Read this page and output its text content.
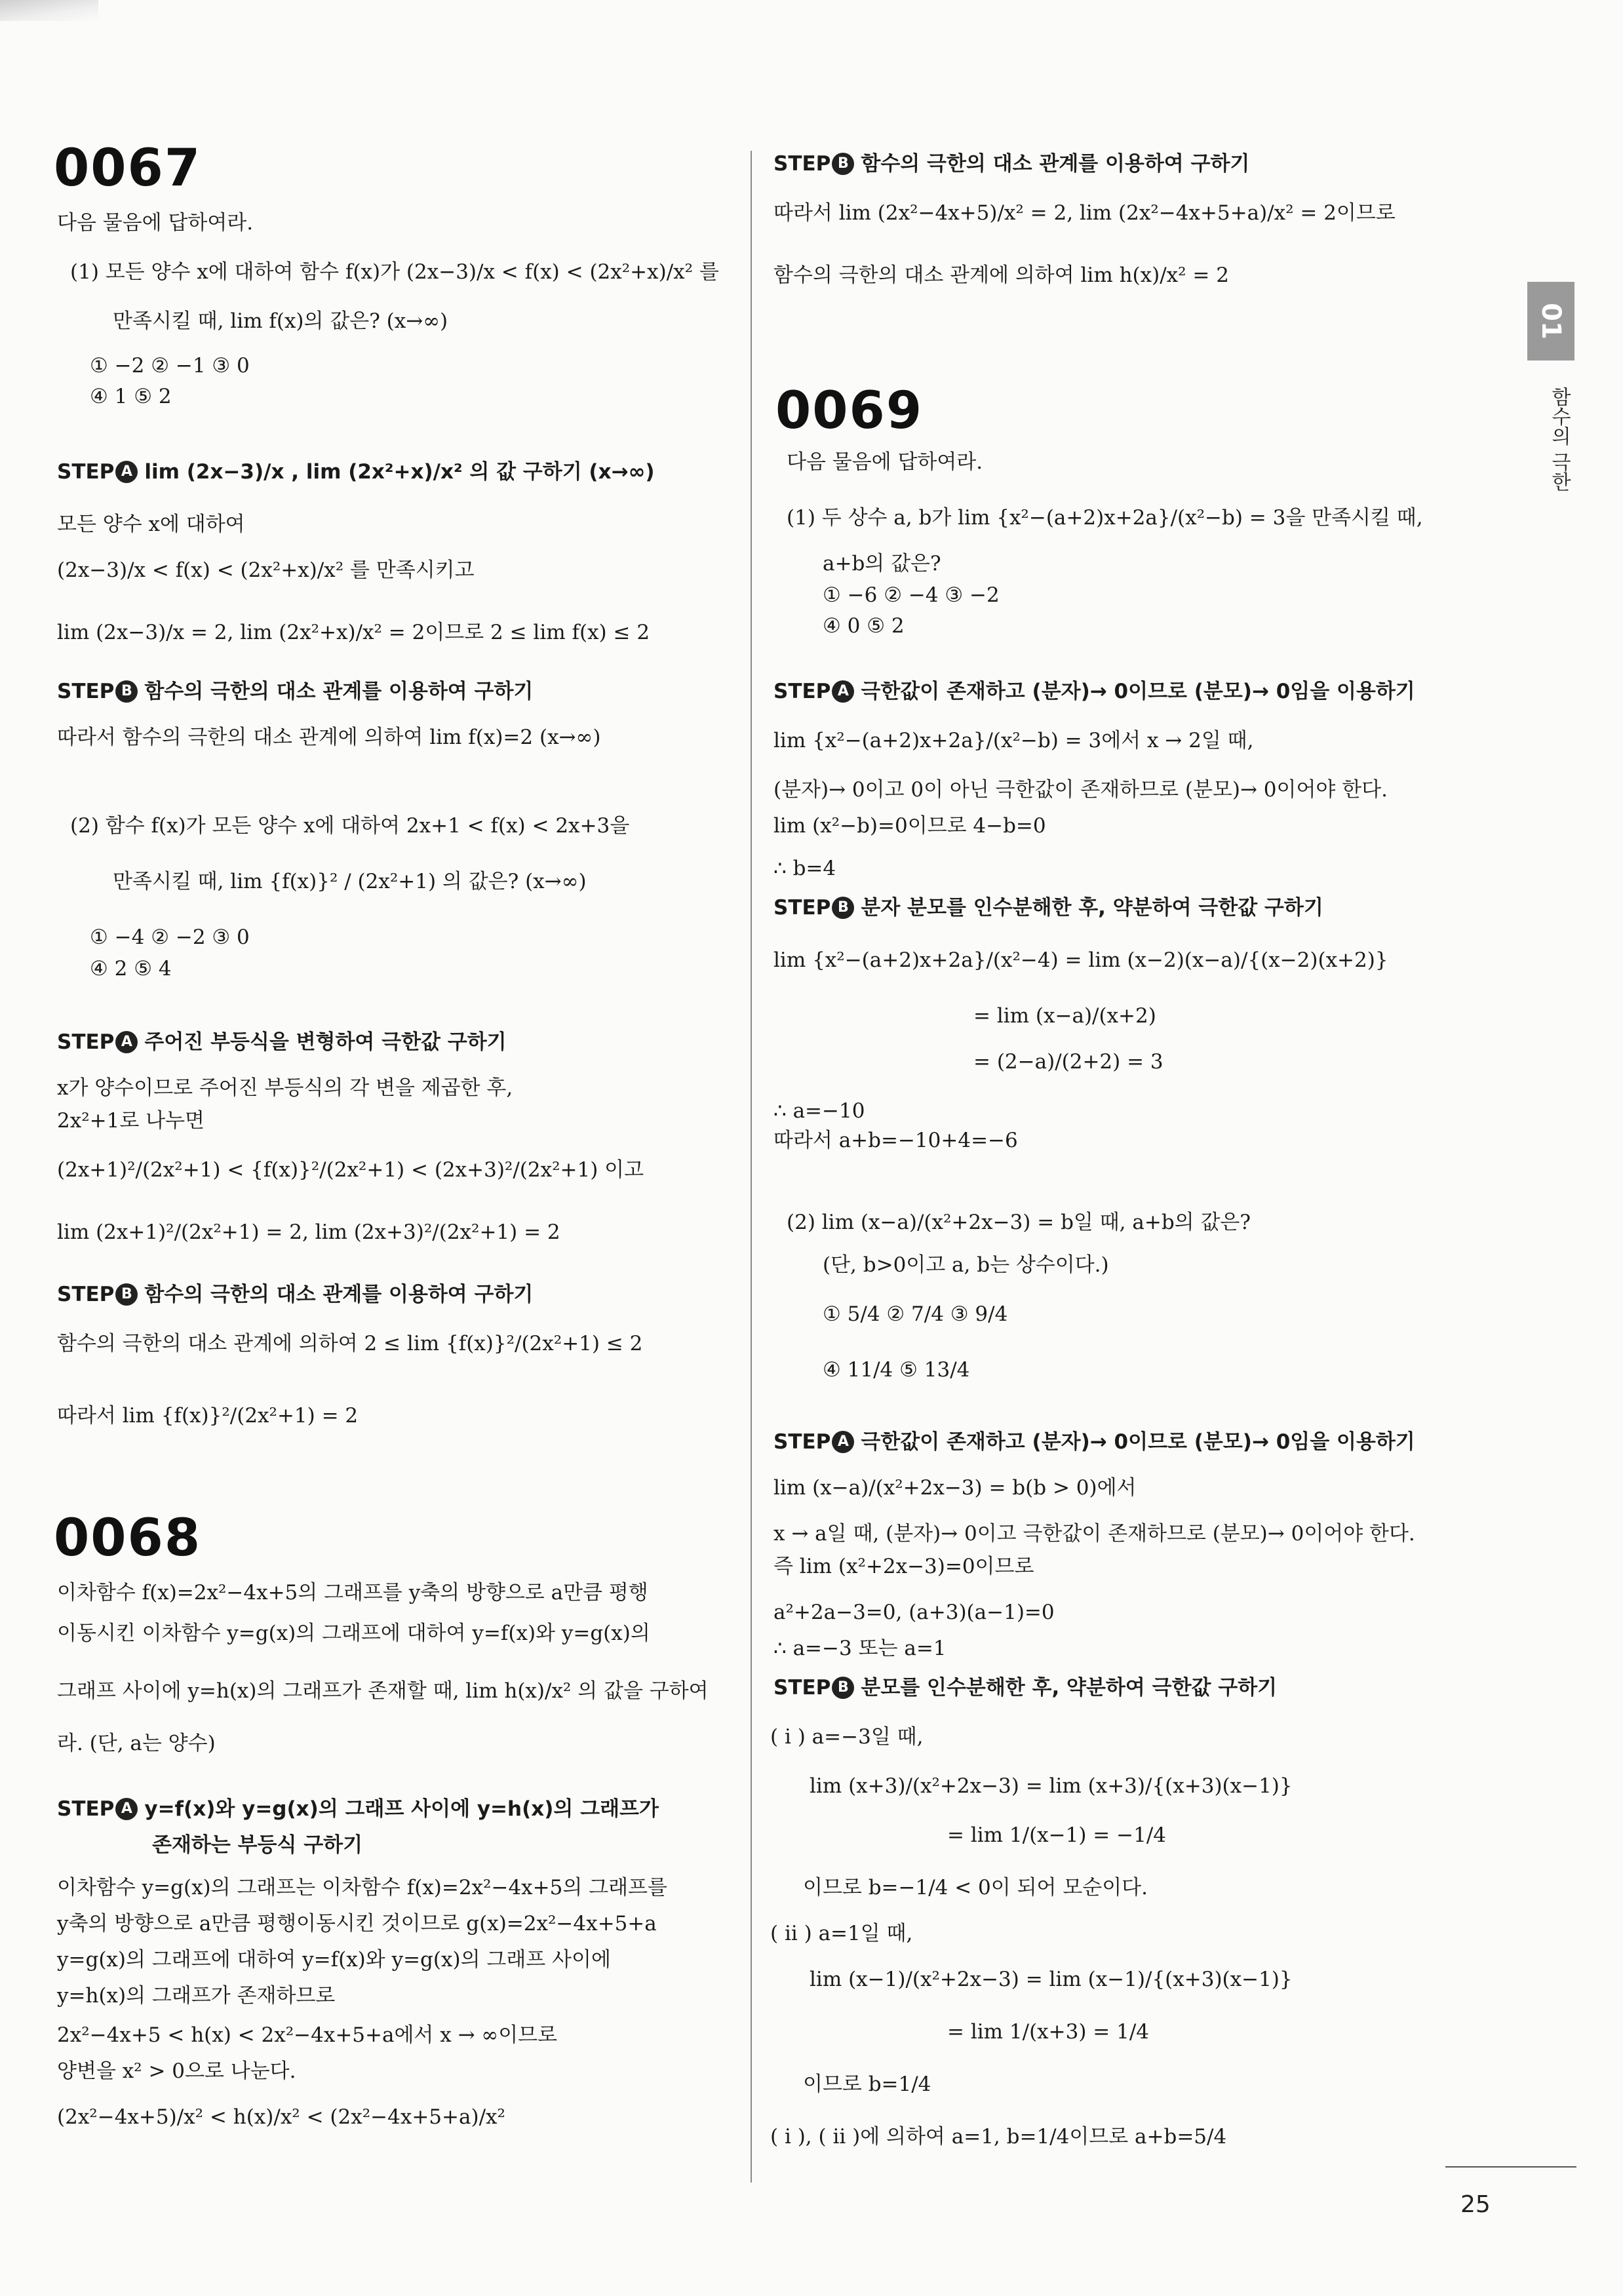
01
함수의 극한
0067
다음 물음에 답하여라.
(1) 모든 양수 x에 대하여 함수 f(x)가 (2x−3)/x < f(x) < (2x²+x)/x² 를
만족시킬 때, lim f(x)의 값은? (x→∞)
① −2 ② −1 ③ 0
④ 1 ⑤ 2
STEP A lim (2x−3)/x , lim (2x²+x)/x² 의 값 구하기 (x→∞)
모든 양수 x에 대하여
(2x−3)/x < f(x) < (2x²+x)/x² 를 만족시키고
lim (2x−3)/x = 2, lim (2x²+x)/x² = 2이므로 2 ≤ lim f(x) ≤ 2
STEP B 함수의 극한의 대소 관계를 이용하여 구하기
따라서 함수의 극한의 대소 관계에 의하여 lim f(x)=2 (x→∞)
(2) 함수 f(x)가 모든 양수 x에 대하여 2x+1 < f(x) < 2x+3을
만족시킬 때, lim {f(x)}² / (2x²+1) 의 값은? (x→∞)
① −4 ② −2 ③ 0
④ 2 ⑤ 4
STEP A 주어진 부등식을 변형하여 극한값 구하기
x가 양수이므로 주어진 부등식의 각 변을 제곱한 후,
2x²+1로 나누면
(2x+1)²/(2x²+1) < {f(x)}²/(2x²+1) < (2x+3)²/(2x²+1) 이고
lim (2x+1)²/(2x²+1) = 2, lim (2x+3)²/(2x²+1) = 2
STEP B 함수의 극한의 대소 관계를 이용하여 구하기
함수의 극한의 대소 관계에 의하여 2 ≤ lim {f(x)}²/(2x²+1) ≤ 2
따라서 lim {f(x)}²/(2x²+1) = 2
0068
이차함수 f(x)=2x²−4x+5의 그래프를 y축의 방향으로 a만큼 평행
이동시킨 이차함수 y=g(x)의 그래프에 대하여 y=f(x)와 y=g(x)의
그래프 사이에 y=h(x)의 그래프가 존재할 때, lim h(x)/x² 의 값을 구하여
라. (단, a는 양수)
STEP A y=f(x)와 y=g(x)의 그래프 사이에 y=h(x)의 그래프가
존재하는 부등식 구하기
이차함수 y=g(x)의 그래프는 이차함수 f(x)=2x²−4x+5의 그래프를
y축의 방향으로 a만큼 평행이동시킨 것이므로 g(x)=2x²−4x+5+a
y=g(x)의 그래프에 대하여 y=f(x)와 y=g(x)의 그래프 사이에
y=h(x)의 그래프가 존재하므로
2x²−4x+5 < h(x) < 2x²−4x+5+a에서 x → ∞이므로
양변을 x² > 0으로 나눈다.
(2x²−4x+5)/x² < h(x)/x² < (2x²−4x+5+a)/x²
STEP B 함수의 극한의 대소 관계를 이용하여 구하기
따라서 lim (2x²−4x+5)/x² = 2, lim (2x²−4x+5+a)/x² = 2이므로
함수의 극한의 대소 관계에 의하여 lim h(x)/x² = 2
0069
다음 물음에 답하여라.
(1) 두 상수 a, b가 lim {x²−(a+2)x+2a}/(x²−b) = 3을 만족시킬 때,
a+b의 값은?
① −6 ② −4 ③ −2
④ 0 ⑤ 2
STEP A 극한값이 존재하고 (분자)→ 0이므로 (분모)→ 0임을 이용하기
lim {x²−(a+2)x+2a}/(x²−b) = 3에서 x → 2일 때,
(분자)→ 0이고 0이 아닌 극한값이 존재하므로 (분모)→ 0이어야 한다.
lim (x²−b)=0이므로 4−b=0
∴ b=4
STEP B 분자 분모를 인수분해한 후, 약분하여 극한값 구하기
lim {x²−(a+2)x+2a}/(x²−4) = lim (x−2)(x−a)/{(x−2)(x+2)}
= lim (x−a)/(x+2)
= (2−a)/(2+2) = 3
∴ a=−10
따라서 a+b=−10+4=−6
(2) lim (x−a)/(x²+2x−3) = b일 때, a+b의 값은?
(단, b>0이고 a, b는 상수이다.)
① 5/4 ② 7/4 ③ 9/4
④ 11/4 ⑤ 13/4
STEP A 극한값이 존재하고 (분자)→ 0이므로 (분모)→ 0임을 이용하기
lim (x−a)/(x²+2x−3) = b(b > 0)에서
x → a일 때, (분자)→ 0이고 극한값이 존재하므로 (분모)→ 0이어야 한다.
즉 lim (x²+2x−3)=0이므로
a²+2a−3=0, (a+3)(a−1)=0
∴ a=−3 또는 a=1
STEP B 분모를 인수분해한 후, 약분하여 극한값 구하기
( i ) a=−3일 때,
lim (x+3)/(x²+2x−3) = lim (x+3)/{(x+3)(x−1)}
= lim 1/(x−1) = −1/4
이므로 b=−1/4 < 0이 되어 모순이다.
( ii ) a=1일 때,
lim (x−1)/(x²+2x−3) = lim (x−1)/{(x+3)(x−1)}
= lim 1/(x+3) = 1/4
이므로 b=1/4
( i ), ( ii )에 의하여 a=1, b=1/4이므로 a+b=5/4
25
